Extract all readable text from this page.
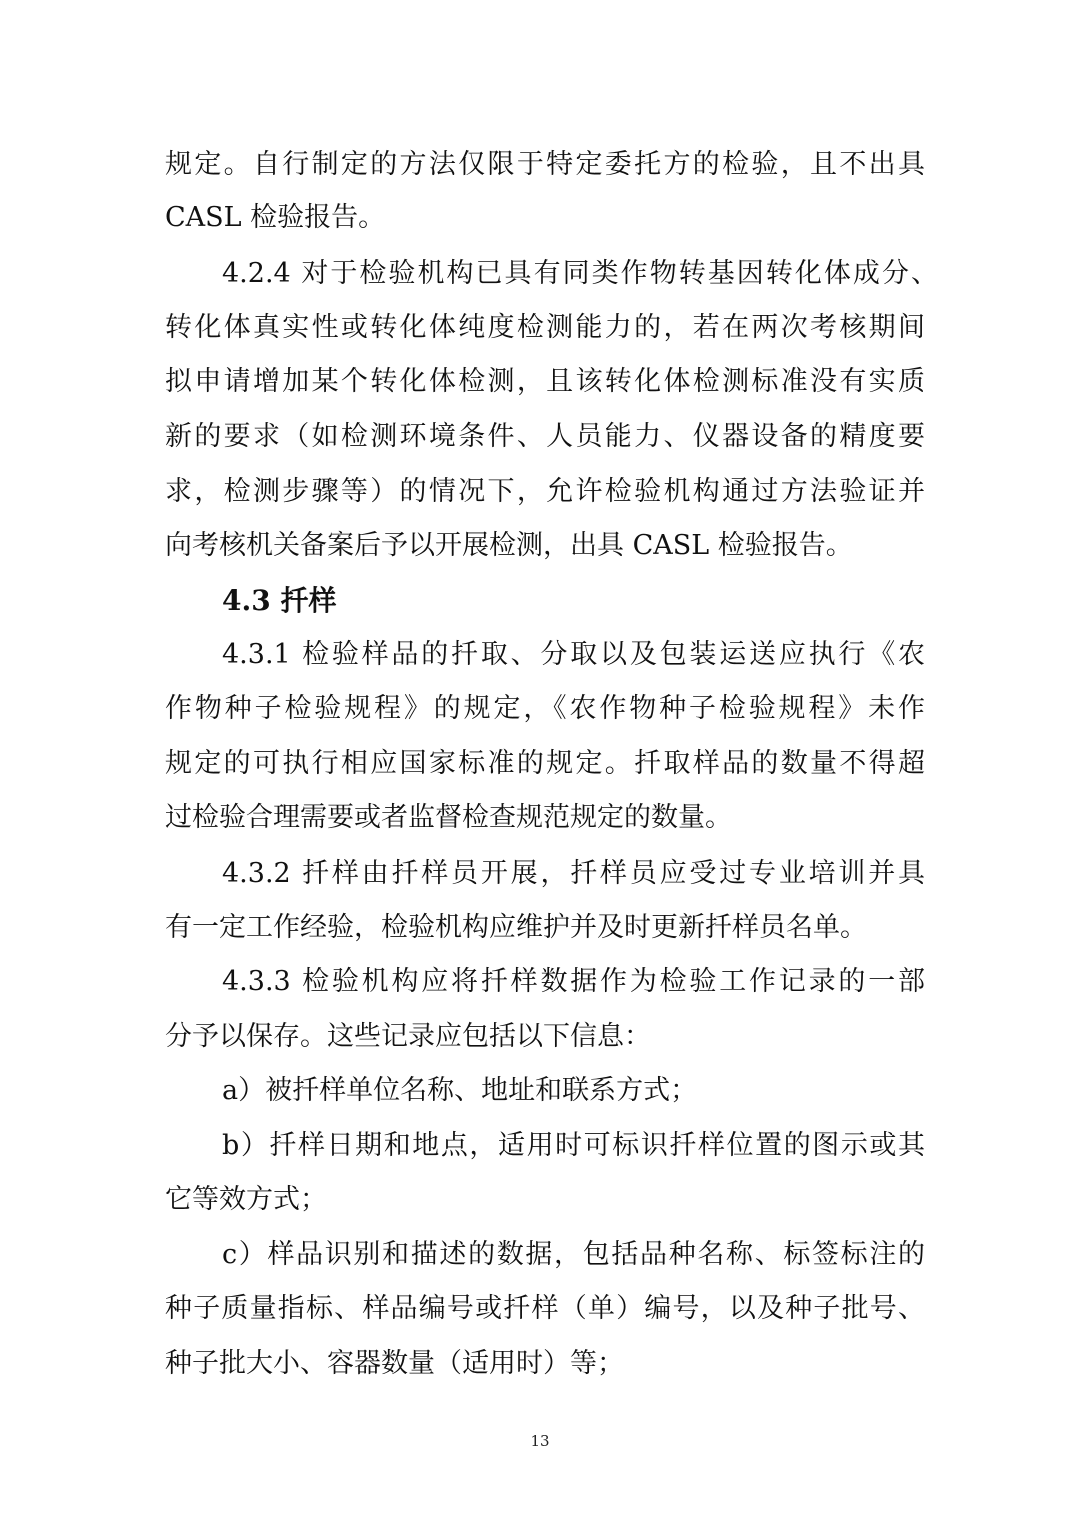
规定。自行制定的方法仅限于特定委托方的检验，且不出具
CASL 检验报告。
4.2.4 对于检验机构已具有同类作物转基因转化体成分、
转化体真实性或转化体纯度检测能力的，若在两次考核期间
拟申请增加某个转化体检测，且该转化体检测标准没有实质
新的要求（如检测环境条件、人员能力、仪器设备的精度要
求，检测步骤等）的情况下，允许检验机构通过方法验证并
向考核机关备案后予以开展检测，出具 CASL 检验报告。
4.3 扦样
4.3.1 检验样品的扦取、分取以及包装运送应执行《农
作物种子检验规程》的规定，《农作物种子检验规程》未作
规定的可执行相应国家标准的规定。扦取样品的数量不得超
过检验合理需要或者监督检查规范规定的数量。
4.3.2 扦样由扦样员开展，扦样员应受过专业培训并具
有一定工作经验，检验机构应维护并及时更新扦样员名单。
4.3.3 检验机构应将扦样数据作为检验工作记录的一部
分予以保存。这些记录应包括以下信息：
a）被扦样单位名称、地址和联系方式；
b）扦样日期和地点，适用时可标识扦样位置的图示或其
它等效方式；
c）样品识别和描述的数据，包括品种名称、标签标注的
种子质量指标、样品编号或扦样（单）编号，以及种子批号、
种子批大小、容器数量（适用时）等；
13
